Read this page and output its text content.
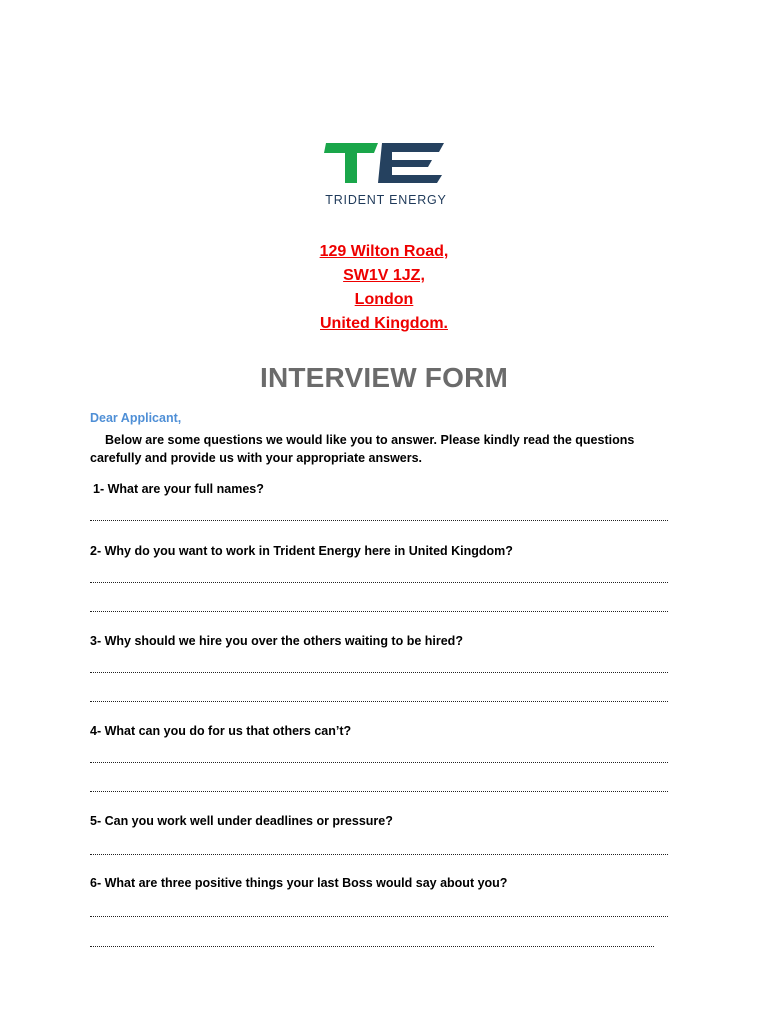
TRIDENT ENERGY
129 Wilton Road,
SW1V 1JZ,
London
United Kingdom.
INTERVIEW FORM
Dear Applicant,
Below are some questions we would like you to answer. Please kindly read the questions carefully and provide us with your appropriate answers.
1- What are your full names?
2- Why do you want to work in Trident Energy here in United Kingdom?
3- Why should we hire you over the others waiting to be hired?
4- What can you do for us that others can’t?
5- Can you work well under deadlines or pressure?
6- What are three positive things your last Boss would say about you?
